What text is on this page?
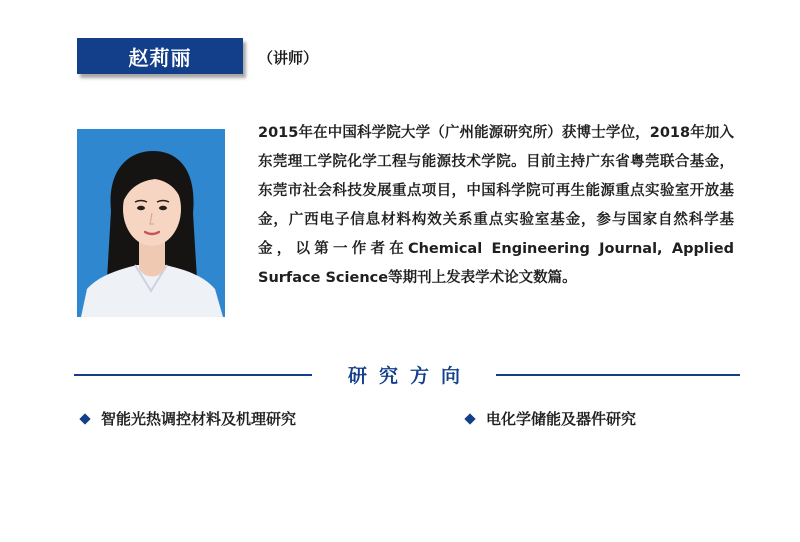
赵莉丽	（讲师）

2015年在中国科学院大学（广州能源研究所）获博士学位，2018年加入东莞理工学院化学工程与能源技术学院。目前主持广东省粤莞联合基金，东莞市社会科技发展重点项目，中国科学院可再生能源重点实验室开放基金，广西电子信息材料构效关系重点实验室基金，参与国家自然科学基金，以第一作者在Chemical Engineering Journal, Applied Surface Science等期刊上发表学术论文数篇。

研究方向
智能光热调控材料及机理研究	电化学储能及器件研究
